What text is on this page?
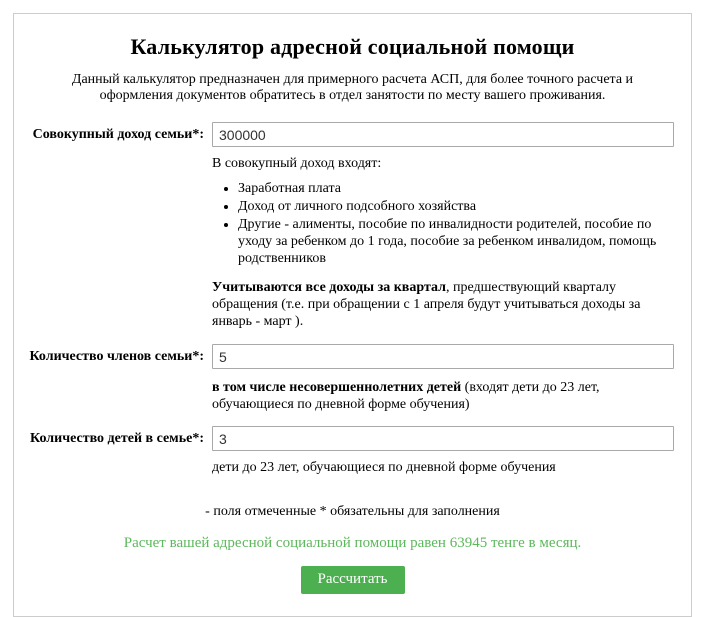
Калькулятор адресной социальной помощи

Данный калькулятор предназначен для примерного расчета АСП, для более точного расчета и оформления документов обратитесь в отдел занятости по месту вашего проживания.

Совокупный доход семьи*:
300000
В совокупный доход входят:
• Заработная плата
• Доход от личного подсобного хозяйства
• Другие - алименты, пособие по инвалидности родителей, пособие по уходу за ребенком до 1 года, пособие за ребенком инвалидом, помощь родственников
Учитываются все доходы за квартал, предшествующий кварталу обращения (т.е. при обращении с 1 апреля будут учитываться доходы за январь - март ).
Количество членов семьи*:
5
в том числе несовершеннолетних детей (входят дети до 23 лет, обучающиеся по дневной форме обучения)
Количество детей в семье*:
3
дети до 23 лет, обучающиеся по дневной форме обучения
- поля отмеченные * обязательны для заполнения
Расчет вашей адресной социальной помощи равен 63945 тенге в месяц.
Рассчитать
